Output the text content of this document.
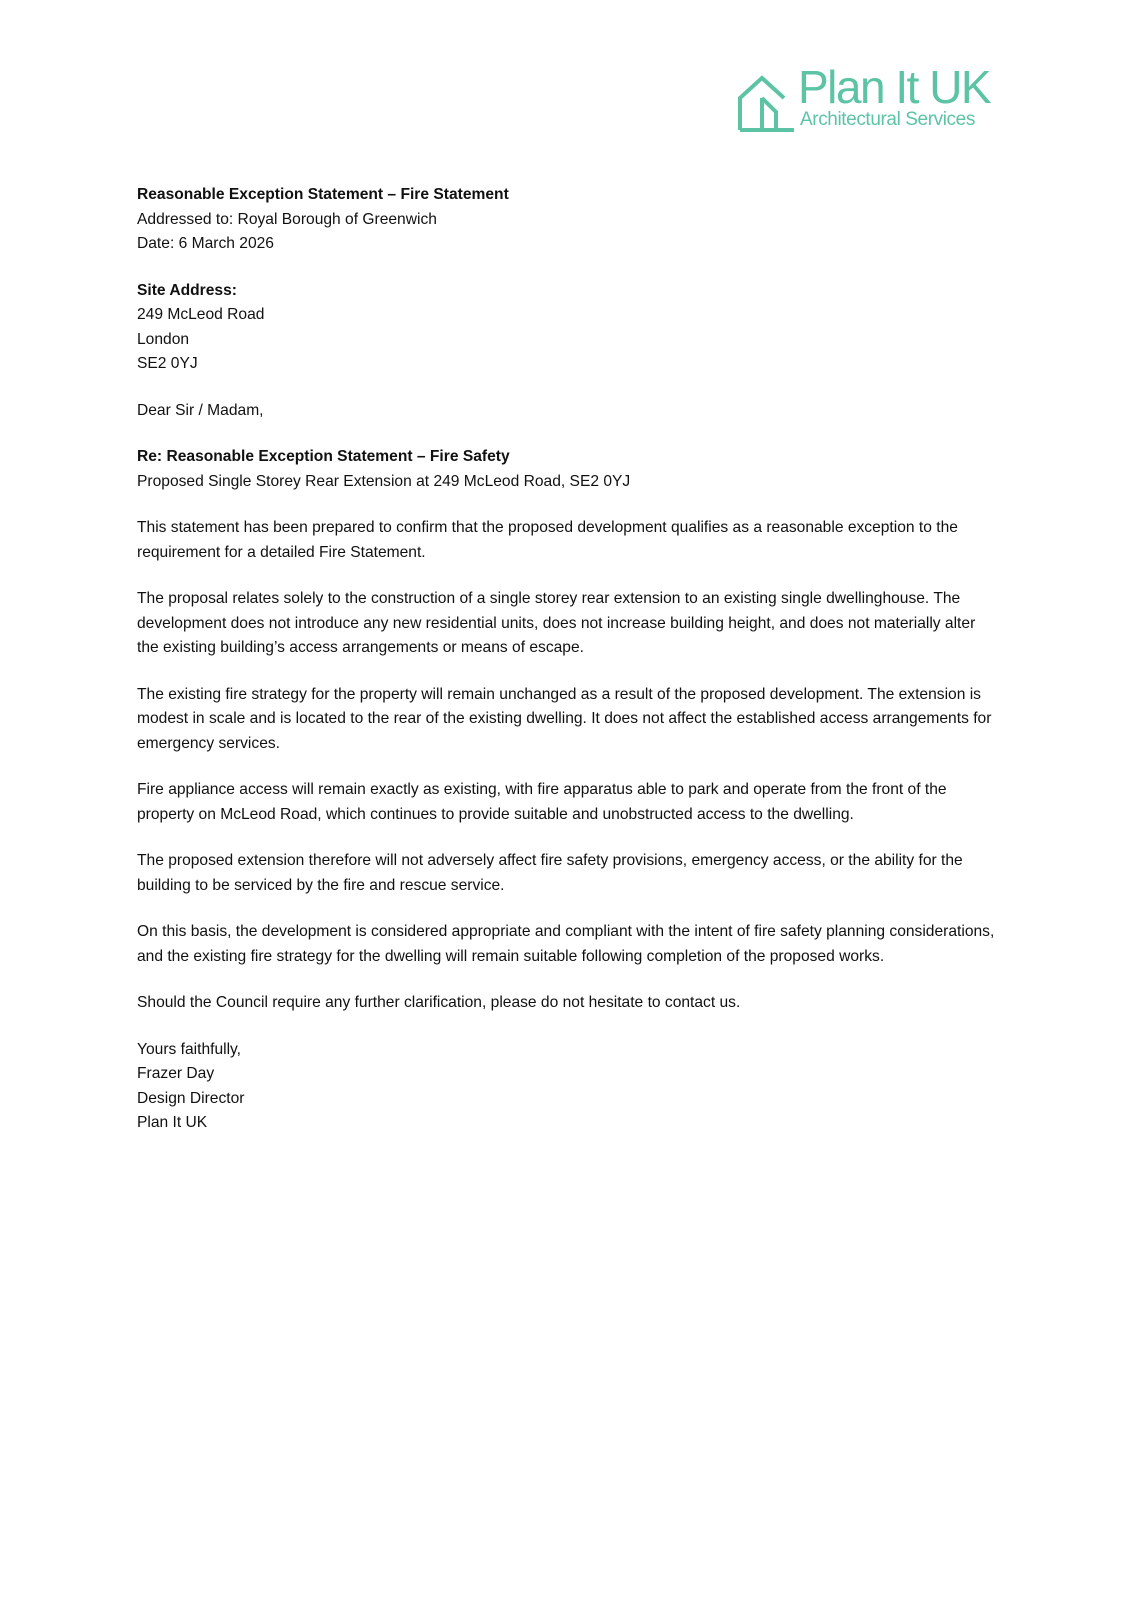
Plan It UK
Architectural Services
Reasonable Exception Statement – Fire Statement
Addressed to: Royal Borough of Greenwich
Date: 6 March 2026
Site Address:
249 McLeod Road
London
SE2 0YJ
Dear Sir / Madam,
Re: Reasonable Exception Statement – Fire Safety
Proposed Single Storey Rear Extension at 249 McLeod Road, SE2 0YJ

This statement has been prepared to confirm that the proposed development qualifies as a reasonable exception to the requirement for a detailed Fire Statement.

The proposal relates solely to the construction of a single storey rear extension to an existing single dwellinghouse. The development does not introduce any new residential units, does not increase building height, and does not materially alter the existing building’s access arrangements or means of escape.

The existing fire strategy for the property will remain unchanged as a result of the proposed development. The extension is modest in scale and is located to the rear of the existing dwelling. It does not affect the established access arrangements for emergency services.

Fire appliance access will remain exactly as existing, with fire apparatus able to park and operate from the front of the property on McLeod Road, which continues to provide suitable and unobstructed access to the dwelling.

The proposed extension therefore will not adversely affect fire safety provisions, emergency access, or the ability for the building to be serviced by the fire and rescue service.

On this basis, the development is considered appropriate and compliant with the intent of fire safety planning considerations, and the existing fire strategy for the dwelling will remain suitable following completion of the proposed works.

Should the Council require any further clarification, please do not hesitate to contact us.

Yours faithfully,
Frazer Day
Design Director
Plan It UK
